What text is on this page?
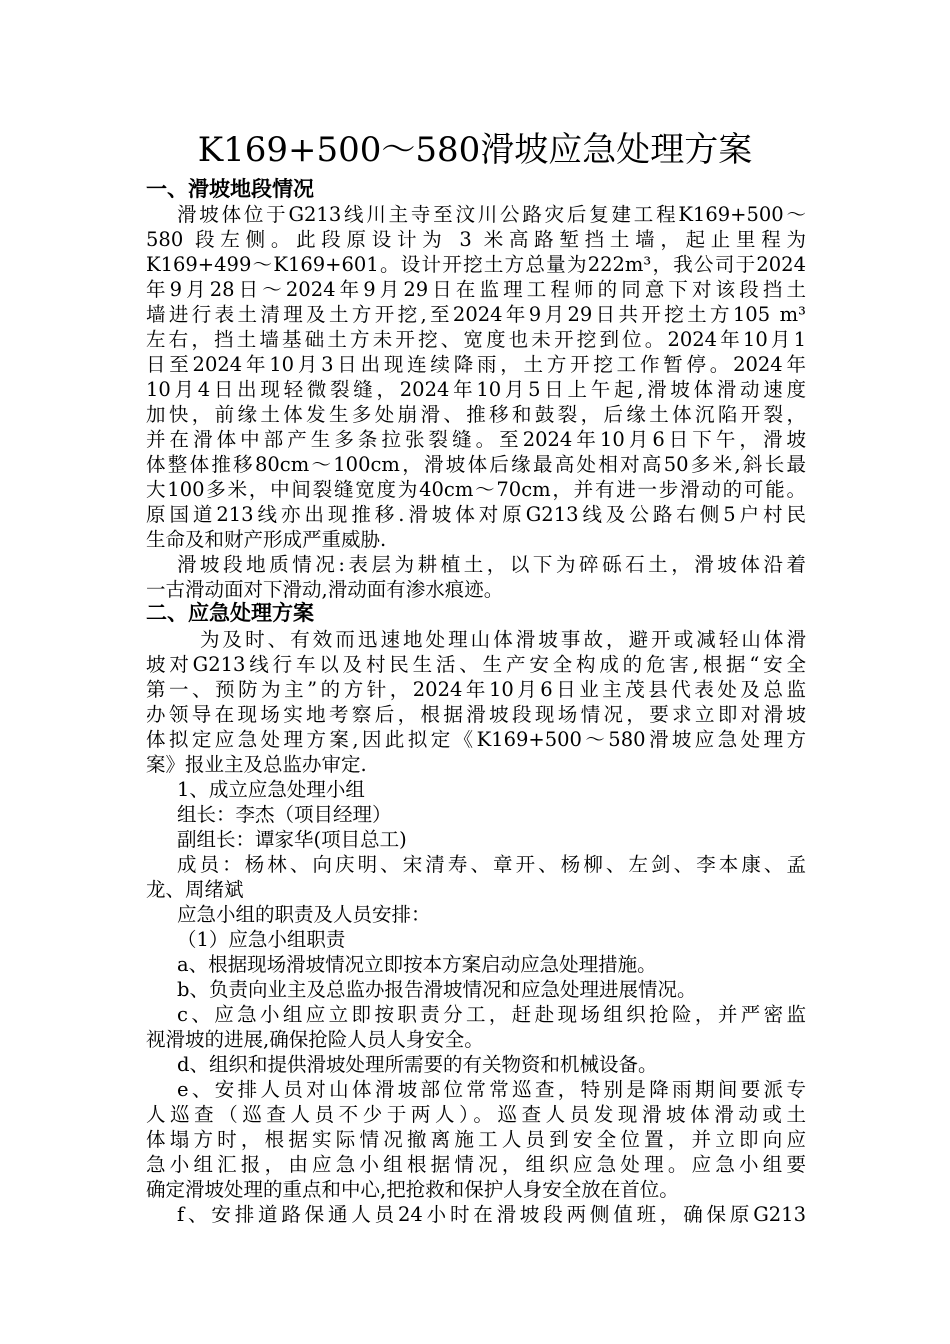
K169+500～580滑坡应急处理方案
一、滑坡地段情况
滑坡体位于G213线川主寺至汶川公路灾后复建工程K169+500～
580 段左侧。此段原设计为 3 米高路堑挡土墙，起止里程为
K169+499～K169+601。设计开挖土方总量为222m³，我公司于2024
年9月28日～2024年9月29日在监理工程师的同意下对该段挡土
墙进行表土清理及土方开挖,至2024年9月29日共开挖土方105 m³
左右，挡土墙基础土方未开挖、宽度也未开挖到位。2024年10月1
日至2024年10月3日出现连续降雨，土方开挖工作暂停。2024年
10月4日出现轻微裂缝，2024年10月5日上午起,滑坡体滑动速度
加快，前缘土体发生多处崩滑、推移和鼓裂，后缘土体沉陷开裂，
并在滑体中部产生多条拉张裂缝。至2024年10月6日下午，滑坡
体整体推移80cm～100cm，滑坡体后缘最高处相对高50多米,斜长最
大100多米，中间裂缝宽度为40cm～70cm，并有进一步滑动的可能。
原国道213线亦出现推移.滑坡体对原G213线及公路右侧5户村民
生命及和财产形成严重威胁.
滑坡段地质情况:表层为耕植土，以下为碎砾石土，滑坡体沿着
一古滑动面对下滑动,滑动面有渗水痕迹。
二、应急处理方案
为及时、有效而迅速地处理山体滑坡事故，避开或减轻山体滑
坡对G213线行车以及村民生活、生产安全构成的危害,根据“安全
第一、预防为主”的方针，2024年10月6日业主茂县代表处及总监
办领导在现场实地考察后，根据滑坡段现场情况，要求立即对滑坡
体拟定应急处理方案,因此拟定《K169+500～580滑坡应急处理方
案》报业主及总监办审定.
1、成立应急处理小组
组长：李杰（项目经理）
副组长：谭家华(项目总工)
成员：杨林、向庆明、宋清寿、章开、杨柳、左剑、李本康、孟
龙、周绪斌
应急小组的职责及人员安排：
（1）应急小组职责
a、根据现场滑坡情况立即按本方案启动应急处理措施。
b、负责向业主及总监办报告滑坡情况和应急处理进展情况。
c、应急小组应立即按职责分工，赶赴现场组织抢险，并严密监
视滑坡的进展,确保抢险人员人身安全。
d、组织和提供滑坡处理所需要的有关物资和机械设备。
e、安排人员对山体滑坡部位常常巡查，特别是降雨期间要派专
人巡查（巡查人员不少于两人）。巡查人员发现滑坡体滑动或土
体塌方时，根据实际情况撤离施工人员到安全位置，并立即向应
急小组汇报，由应急小组根据情况，组织应急处理。应急小组要
确定滑坡处理的重点和中心,把抢救和保护人身安全放在首位。
f、安排道路保通人员24小时在滑坡段两侧值班，确保原G213
